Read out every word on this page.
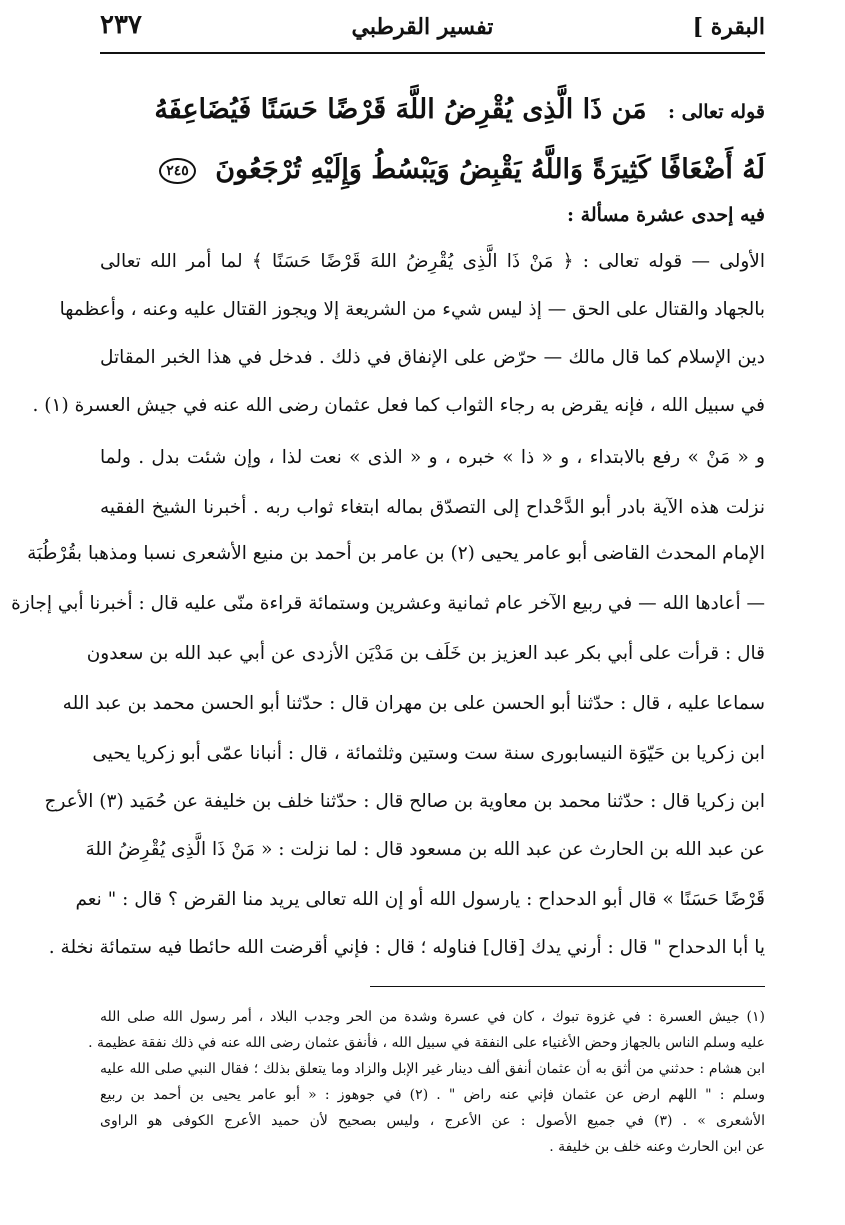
٢٣٧	تفسير القرطبي	البقرة ]
قوله تعالى : مَن ذَا الَّذِى يُقْرِضُ اللَّهَ قَرْضًا حَسَنًا فَيُضَاعِفَهُ
لَهُ أَضْعَافًا كَثِيرَةً وَاللَّهُ يَقْبِضُ وَيَبْسُطُ وَإِلَيْهِ تُرْجَعُونَ ٢٤٥
فيه إحدى عشرة مسألة :
الأولى — قوله تعالى : ﴿ مَنْ ذَا الَّذِى يُقْرِضُ اللهَ قَرْضًا حَسَنًا ﴾ لما أمر الله تعالى
بالجهاد والقتال على الحق — إذ ليس شيء من الشريعة إلا ويجوز القتال عليه وعنه ، وأعظمها
دين الإسلام كما قال مالك — حرّض على الإنفاق في ذلك . فدخل في هذا الخبر المقاتل
في سبيل الله ، فإنه يقرض به رجاء الثواب كما فعل عثمان رضى الله عنه في جيش العسرة (١) .
و « مَنْ » رفع بالابتداء ، و « ذا » خبره ، و « الذى » نعت لذا ، وإن شئت بدل . ولما
نزلت هذه الآية بادر أبو الدَّحْداح إلى التصدّق بماله ابتغاء ثواب ربه . أخبرنا الشيخ الفقيه
الإمام المحدث القاضى أبو عامر يحيى (٢) بن عامر بن أحمد بن منيع الأشعرى نسبا ومذهبا بقُرْطُبَة
— أعادها الله — في ربيع الآخر عام ثمانية وعشرين وستمائة قراءة منّى عليه قال : أخبرنا أبي إجازة
قال : قرأت على أبي بكر عبد العزيز بن خَلَف بن مَدْيَن الأزدى عن أبي عبد الله بن سعدون
سماعا عليه ، قال : حدّثنا أبو الحسن على بن مهران قال : حدّثنا أبو الحسن محمد بن عبد الله
ابن زكريا بن حَيّوَة النيسابورى سنة ست وستين وثلثمائة ، قال : أنبانا عمّى أبو زكريا يحيى
ابن زكريا قال : حدّثنا محمد بن معاوية بن صالح قال : حدّثنا خلف بن خليفة عن حُمَيد (٣) الأعرج
عن عبد الله بن الحارث عن عبد الله بن مسعود قال : لما نزلت : « مَنْ ذَا الَّذِى يُقْرِضُ اللهَ
قَرْضًا حَسَنًا » قال أبو الدحداح : يارسول الله أو إن الله تعالى يريد منا القرض ؟ قال : " نعم
يا أبا الدحداح " قال : أرني يدك [قال] فناوله ؛ قال : فإني أقرضت الله حائطا فيه ستمائة نخلة .
(١) جيش العسرة : في غزوة تبوك ، كان في عسرة وشدة من الحر وجدب البلاد ، أمر رسول الله صلى الله
عليه وسلم الناس بالجهاز وحض الأغنياء على النفقة في سبيل الله ، فأنفق عثمان رضى الله عنه في ذلك نفقة عظيمة .
ابن هشام : حدثني من أثق به أن عثمان أنفق ألف دينار غير الإبل والزاد وما يتعلق بذلك ؛ فقال النبي صلى الله عليه
وسلم : " اللهم ارض عن عثمان فإني عنه راض " . (٢) في جوهوز : « أبو عامر يحيى بن أحمد بن ربيع
الأشعرى » . (٣) في جميع الأصول : عن الأعرج ، وليس بصحيح لأن حميد الأعرج الكوفى هو الراوى
عن ابن الحارث وعنه خلف بن خليفة .
